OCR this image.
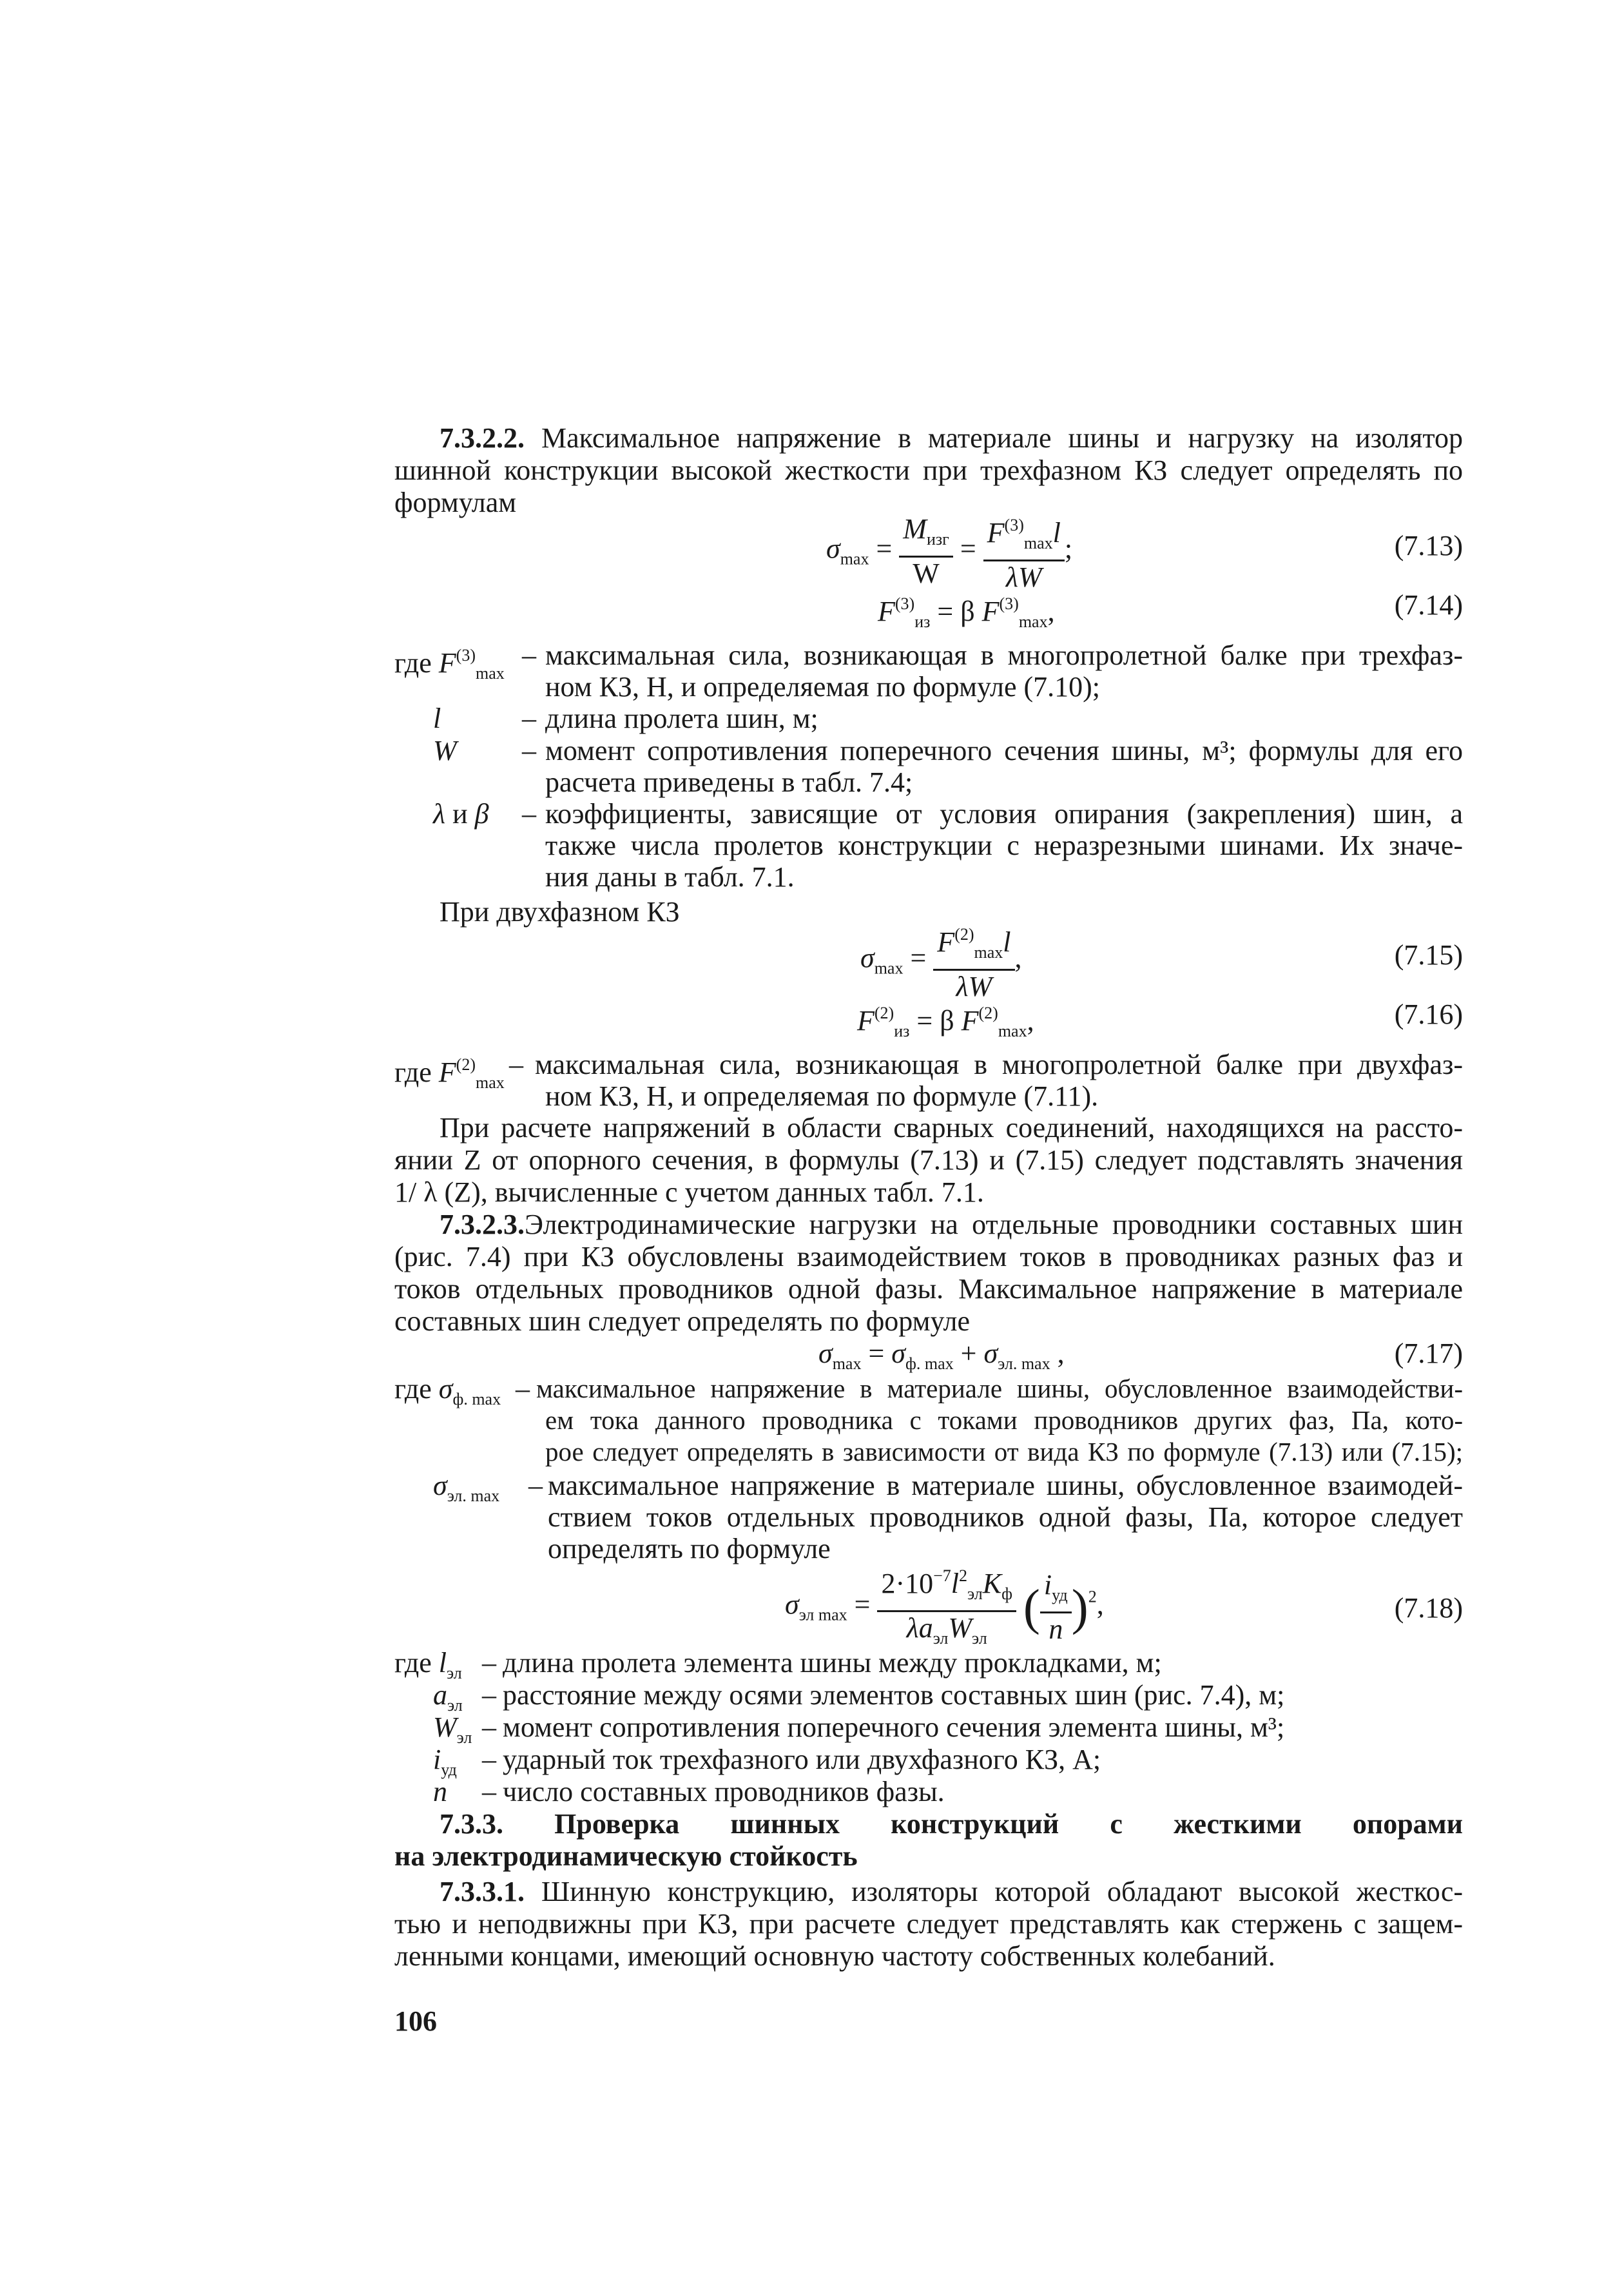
7.3.2.2. Максимальное напряжение в материале шины и нагрузку на изолятор
шинной конструкции высокой жесткости при трехфазном КЗ следует определять по
формулам
$\sigma_{max} = \frac{M_{изг}}{W} = \frac{F^{(3)}_{max}l}{\lambda W}$ ;	(7.13)
$F^{(3)}_{из} = \beta$ $F^{(3)}_{max}$,	(7.14)
где $F^{(3)}_{max}$
– максимальная сила, возникающая в многопролетной балке при трехфаз-
ном КЗ, Н, и определяемая по формуле (7.10);
l	– длина пролета шин, м;
W – момент сопротивления поперечного сечения шины, м³; формулы для его
расчета приведены в табл. 7.4;
λ и β – коэффициенты, зависящие от условия опирания (закрепления) шин, а
также числа пролетов конструкции с неразрезными шинами. Их значе-
ния даны в табл. 7.1.
При двухфазном КЗ
$\sigma_{max} = \frac{F^{(2)}_{max}l}{\lambda W}$ ,	(7.15)
$F^{(2)}_{из} = \beta$ $F^{(2)}_{max}$,	(7.16)
где $F^{(2)}_{max}$
– максимальная сила, возникающая в многопролетной балке при двухфаз-
ном КЗ, Н, и определяемая по формуле (7.11).
При расчете напряжений в области сварных соединений, находящихся на рассто-
янии Z от опорного сечения, в формулы (7.13) и (7.15) следует подставлять значения
1/ λ (Z), вычисленные с учетом данных табл. 7.1.
7.3.2.3.Электродинамические нагрузки на отдельные проводники составных шин
(рис. 7.4) при КЗ обусловлены взаимодействием токов в проводниках разных фаз и
токов отдельных проводников одной фазы. Максимальное напряжение в материале
составных шин следует определять по формуле
$\sigma_{max} = \sigma_{ф. max} + \sigma_{эл. max}$ ,	(7.17)
где $\sigma_{ф. max}$ – максимальное напряжение в материале шины, обусловленное взаимодействи-
ем тока данного проводника с токами проводников других фаз, Па, кото-
рое следует определять в зависимости от вида КЗ по формуле (7.13) или (7.15);
$\sigma_{эл. max}$ – максимальное напряжение в материале шины, обусловленное взаимодей-
ствием токов отдельных проводников одной фазы, Па, которое следует
определять по формуле
$\sigma_{эл max} = \frac{2\cdot 10^{-7}l^2_{эл}K_ф}{\lambda a_{эл}W_{эл}}$ ( $\frac{i_{уд}}{n} )^2$,	(7.18)
где $l_{эл}$ – длина пролета элемента шины между прокладками, м;
$a_{эл}$ – расстояние между осями элементов составных шин (рис. 7.4), м;
$W_{эл}$ – момент сопротивления поперечного сечения элемента шины, м³;
$i_{уд}$ – ударный ток трехфазного или двухфазного КЗ, А;
n – число составных проводников фазы.
7.3.3. Проверка шинных конструкций с жесткими опорами
на электродинамическую стойкость
7.3.3.1. Шинную конструкцию, изоляторы которой обладают высокой жесткос-
тью и неподвижны при КЗ, при расчете следует представлять как стержень с защем-
ленными концами, имеющий основную частоту собственных колебаний.
106
